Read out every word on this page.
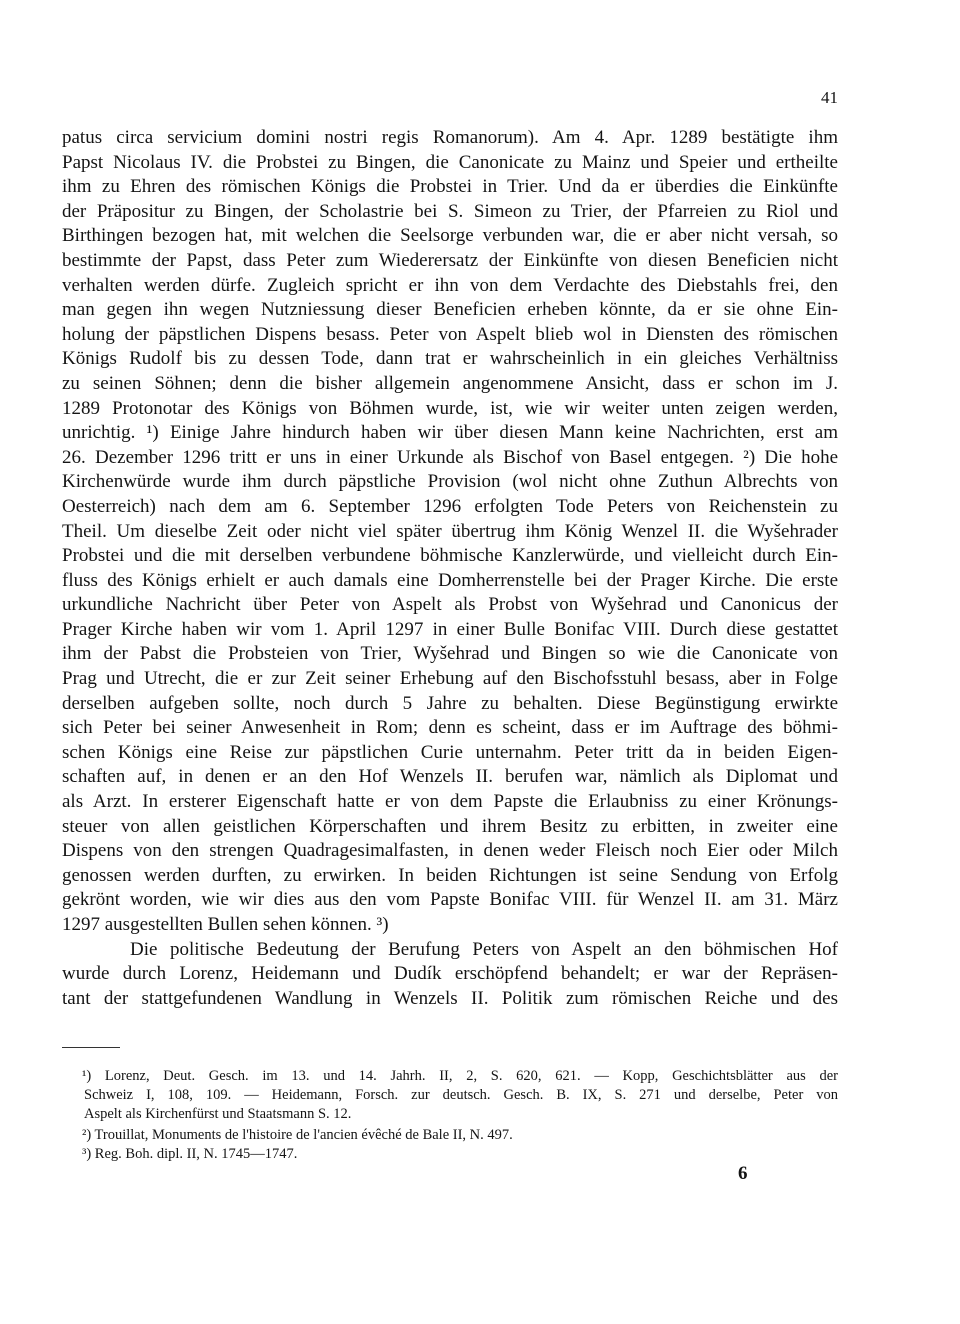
41
patus circa servicium domini nostri regis Romanorum). Am 4. Apr. 1289 bestätigte ihm
Papst Nicolaus IV. die Probstei zu Bingen, die Canonicate zu Mainz und Speier und ertheilte
ihm zu Ehren des römischen Königs die Probstei in Trier. Und da er überdies die Einkünfte
der Präpositur zu Bingen, der Scholastrie bei S. Simeon zu Trier, der Pfarreien zu Riol und
Birthingen bezogen hat, mit welchen die Seelsorge verbunden war, die er aber nicht versah, so
bestimmte der Papst, dass Peter zum Wiederersatz der Einkünfte von diesen Beneficien nicht
verhalten werden dürfe. Zugleich spricht er ihn von dem Verdachte des Diebstahls frei, den
man gegen ihn wegen Nutzniessung dieser Beneficien erheben könnte, da er sie ohne Ein-
holung der päpstlichen Dispens besass. Peter von Aspelt blieb wol in Diensten des römischen
Königs Rudolf bis zu dessen Tode, dann trat er wahrscheinlich in ein gleiches Verhältniss
zu seinen Söhnen; denn die bisher allgemein angenommene Ansicht, dass er schon im J.
1289 Protonotar des Königs von Böhmen wurde, ist, wie wir weiter unten zeigen werden,
unrichtig. ¹) Einige Jahre hindurch haben wir über diesen Mann keine Nachrichten, erst am
26. Dezember 1296 tritt er uns in einer Urkunde als Bischof von Basel entgegen. ²) Die hohe
Kirchenwürde wurde ihm durch päpstliche Provision (wol nicht ohne Zuthun Albrechts von
Oesterreich) nach dem am 6. September 1296 erfolgten Tode Peters von Reichenstein zu
Theil. Um dieselbe Zeit oder nicht viel später übertrug ihm König Wenzel II. die Wyšehrader
Probstei und die mit derselben verbundene böhmische Kanzlerwürde, und vielleicht durch Ein-
fluss des Königs erhielt er auch damals eine Domherrenstelle bei der Prager Kirche. Die erste
urkundliche Nachricht über Peter von Aspelt als Probst von Wyšehrad und Canonicus der
Prager Kirche haben wir vom 1. April 1297 in einer Bulle Bonifac VIII. Durch diese gestattet
ihm der Pabst die Probsteien von Trier, Wyšehrad und Bingen so wie die Canonicate von
Prag und Utrecht, die er zur Zeit seiner Erhebung auf den Bischofsstuhl besass, aber in Folge
derselben aufgeben sollte, noch durch 5 Jahre zu behalten. Diese Begünstigung erwirkte
sich Peter bei seiner Anwesenheit in Rom; denn es scheint, dass er im Auftrage des böhmi-
schen Königs eine Reise zur päpstlichen Curie unternahm. Peter tritt da in beiden Eigen-
schaften auf, in denen er an den Hof Wenzels II. berufen war, nämlich als Diplomat und
als Arzt. In ersterer Eigenschaft hatte er von dem Papste die Erlaubniss zu einer Krönungs-
steuer von allen geistlichen Körperschaften und ihrem Besitz zu erbitten, in zweiter eine
Dispens von den strengen Quadragesimalfasten, in denen weder Fleisch noch Eier oder Milch
genossen werden durften, zu erwirken. In beiden Richtungen ist seine Sendung von Erfolg
gekrönt worden, wie wir dies aus den vom Papste Bonifac VIII. für Wenzel II. am 31. März
1297 ausgestellten Bullen sehen können. ³)
Die politische Bedeutung der Berufung Peters von Aspelt an den böhmischen Hof
wurde durch Lorenz, Heidemann und Dudík erschöpfend behandelt; er war der Repräsen-
tant der stattgefundenen Wandlung in Wenzels II. Politik zum römischen Reiche und des
¹) Lorenz, Deut. Gesch. im 13. und 14. Jahrh. II, 2, S. 620, 621. — Kopp, Geschichtsblätter aus der
Schweiz I, 108, 109. — Heidemann, Forsch. zur deutsch. Gesch. B. IX, S. 271 und derselbe, Peter von
Aspelt als Kirchenfürst und Staatsmann S. 12.
²) Trouillat, Monuments de l'histoire de l'ancien évêché de Bale II, N. 497.
³) Reg. Boh. dipl. II, N. 1745—1747.
6
